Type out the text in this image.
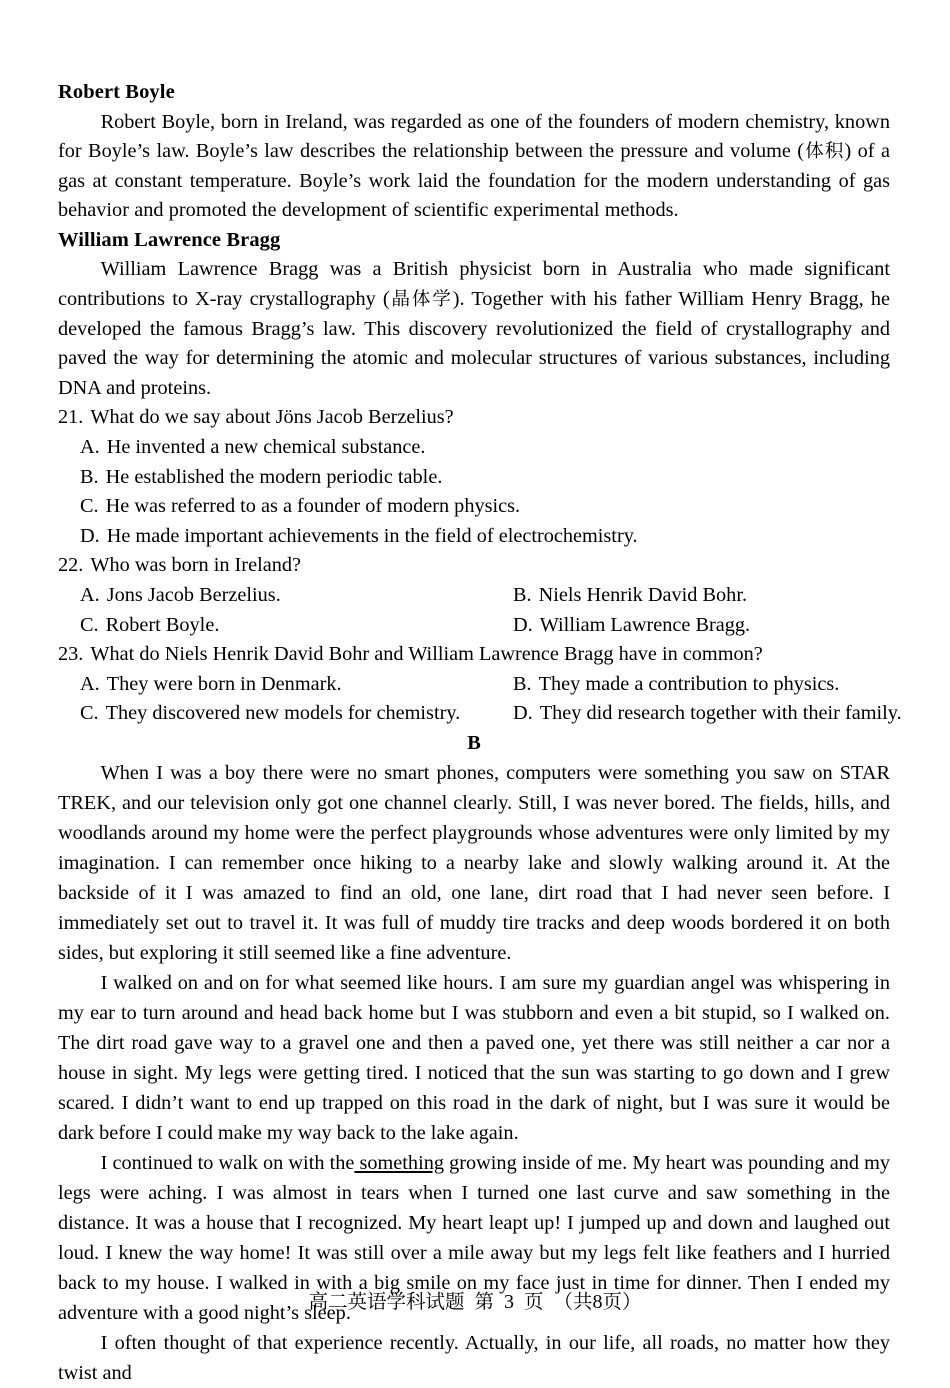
Robert Boyle

Robert Boyle, born in Ireland, was regarded as one of the founders of modern chemistry, known for Boyle’s law. Boyle’s law describes the relationship between the pressure and volume (体积) of a gas at constant temperature. Boyle’s work laid the foundation for the modern understanding of gas behavior and promoted the development of scientific experimental methods.

William Lawrence Bragg

William Lawrence Bragg was a British physicist born in Australia who made significant contributions to X-ray crystallography (晶体学). Together with his father William Henry Bragg, he developed the famous Bragg’s law. This discovery revolutionized the field of crystallography and paved the way for determining the atomic and molecular structures of various substances, including DNA and proteins.

21. What do we say about Jöns Jacob Berzelius?

A. He invented a new chemical substance.

B. He established the modern periodic table.

C. He was referred to as a founder of modern physics.

D. He made important achievements in the field of electrochemistry.

22. Who was born in Ireland?

A. Jons Jacob Berzelius.	B. Niels Henrik David Bohr.
C. Robert Boyle.	D. William Lawrence Bragg.

23. What do Niels Henrik David Bohr and William Lawrence Bragg have in common?

A. They were born in Denmark.	B. They made a contribution to physics.
C. They discovered new models for chemistry.	D. They did research together with their family.

B

When I was a boy there were no smart phones, computers were something you saw on STAR TREK, and our television only got one channel clearly. Still, I was never bored. The fields, hills, and woodlands around my home were the perfect playgrounds whose adventures were only limited by my imagination. I can remember once hiking to a nearby lake and slowly walking around it. At the backside of it I was amazed to find an old, one lane, dirt road that I had never seen before. I immediately set out to travel it. It was full of muddy tire tracks and deep woods bordered it on both sides, but exploring it still seemed like a fine adventure.

I walked on and on for what seemed like hours. I am sure my guardian angel was whispering in my ear to turn around and head back home but I was stubborn and even a bit stupid, so I walked on. The dirt road gave way to a gravel one and then a paved one, yet there was still neither a car nor a house in sight. My legs were getting tired. I noticed that the sun was starting to go down and I grew scared. I didn’t want to end up trapped on this road in the dark of night, but I was sure it would be dark before I could make my way back to the lake again.

I continued to walk on with the something growing inside of me. My heart was pounding and my legs were aching. I was almost in tears when I turned one last curve and saw something in the distance. It was a house that I recognized. My heart leapt up! I jumped up and down and laughed out loud. I knew the way home! It was still over a mile away but my legs felt like feathers and I hurried back to my house. I walked in with a big smile on my face just in time for dinner. Then I ended my adventure with a good night’s sleep.

I often thought of that experience recently. Actually, in our life, all roads, no matter how they twist and

高二英语学科试题 第 3 页 （共8页）
